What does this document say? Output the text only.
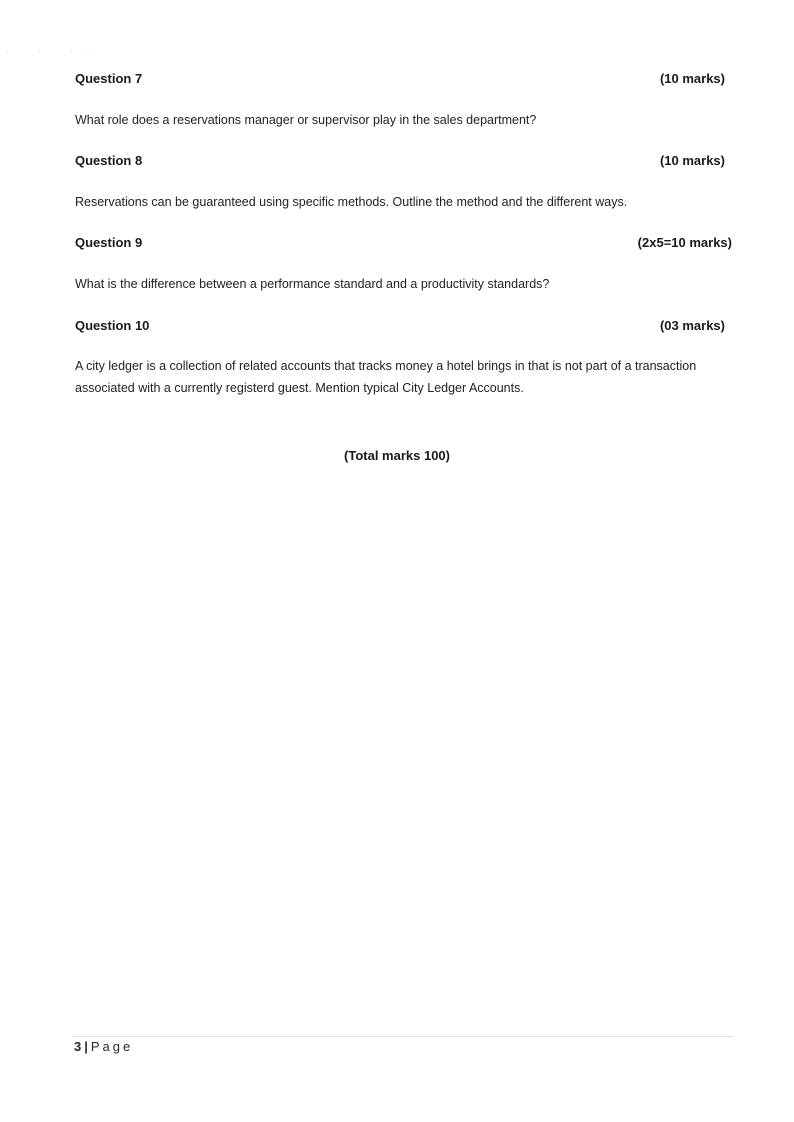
· · ··
Question 7	(10 marks)
What role does a reservations manager or supervisor play in the sales department?
Question 8	(10 marks)
Reservations can be guaranteed using specific methods. Outline the method and the different ways.
Question 9	(2x5=10 marks)
What is the difference between a performance standard and a productivity standards?
Question 10	(03 marks)
A city ledger is a collection of related accounts that tracks money a hotel brings in that is not part of a transaction associated with a currently registerd guest. Mention typical City Ledger Accounts.
(Total marks 100)
3 | Page
